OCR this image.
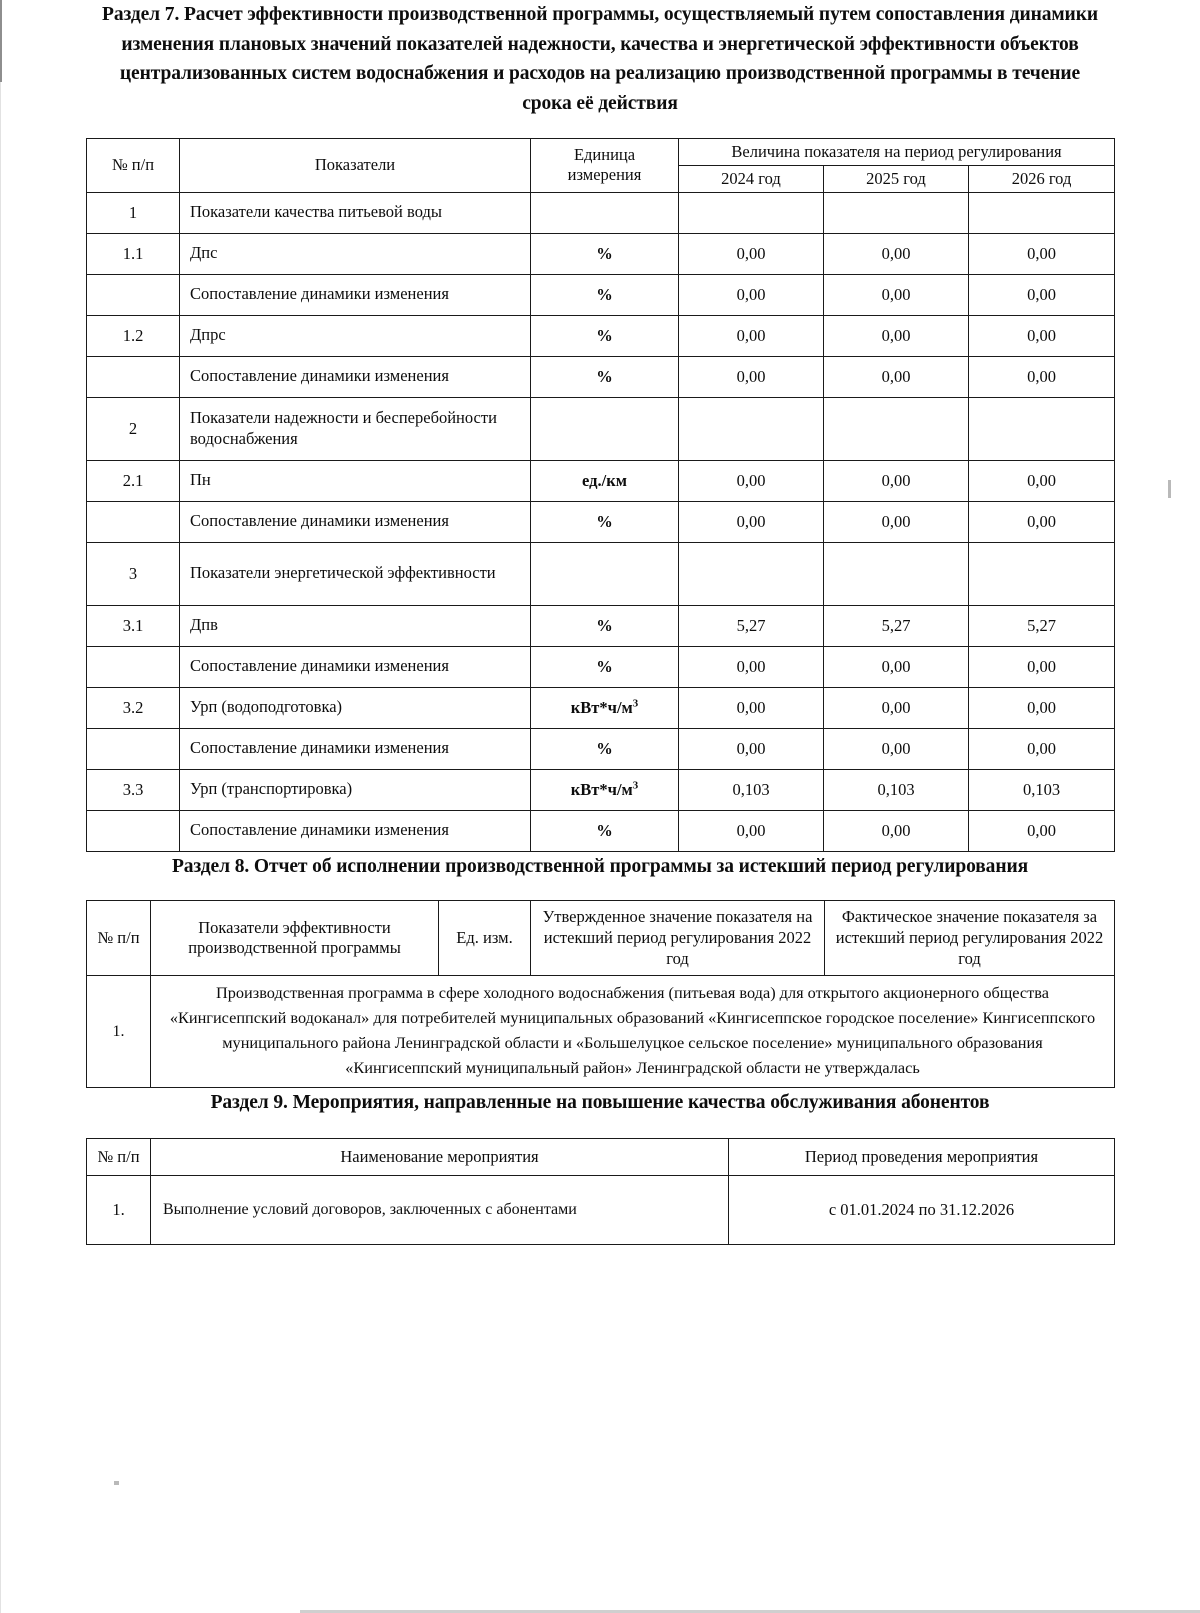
Раздел 7. Расчет эффективности производственной программы, осуществляемый путем сопоставления динамики изменения плановых значений показателей надежности, качества и энергетической эффективности объектов централизованных систем водоснабжения и расходов на реализацию производственной программы в течение срока её действия
№ п/п	Показатели	Единица измерения	Величина показателя на период регулирования		
			2024 год	2025 год	2026 год
1	Показатели качества питьевой воды				
1.1	Дпс	%	0,00	0,00	0,00
	Сопоставление динамики изменения	%	0,00	0,00	0,00
1.2	Дпрс	%	0,00	0,00	0,00
	Сопоставление динамики изменения	%	0,00	0,00	0,00
2	Показатели надежности и бесперебойности водоснабжения				
2.1	Пн	ед./км	0,00	0,00	0,00
	Сопоставление динамики изменения	%	0,00	0,00	0,00
3	Показатели энергетической эффективности				
3.1	Дпв	%	5,27	5,27	5,27
	Сопоставление динамики изменения	%	0,00	0,00	0,00
3.2	Урп (водоподготовка)	$кВт*ч/м^3$	0,00	0,00	0,00
	Сопоставление динамики изменения	%	0,00	0,00	0,00
3.3	Урп (транспортировка)	$кВт*ч/м^3$	0,103	0,103	0,103
	Сопоставление динамики изменения	%	0,00	0,00	0,00
Раздел 8. Отчет об исполнении производственной программы за истекший период регулирования
№ п/п	Показатели эффективности производственной программы	Ед. изм.	Утвержденное значение показателя на истекший период регулирования 2022 год	Фактическое значение показателя за истекший период регулирования 2022 год
1.	Производственная программа в сфере холодного водоснабжения (питьевая вода) для открытого акционерного общества «Кингисеппский водоканал» для потребителей муниципальных образований «Кингисеппское городское поселение» Кингисеппского муниципального района Ленинградской области и «Большелуцкое сельское поселение» муниципального образования «Кингисеппский муниципальный район» Ленинградской области не утверждалась			
Раздел 9. Мероприятия, направленные на повышение качества обслуживания абонентов
№ п/п	Наименование мероприятия	Период проведения мероприятия
1.	Выполнение условий договоров, заключенных с абонентами	с 01.01.2024 по 31.12.2026
